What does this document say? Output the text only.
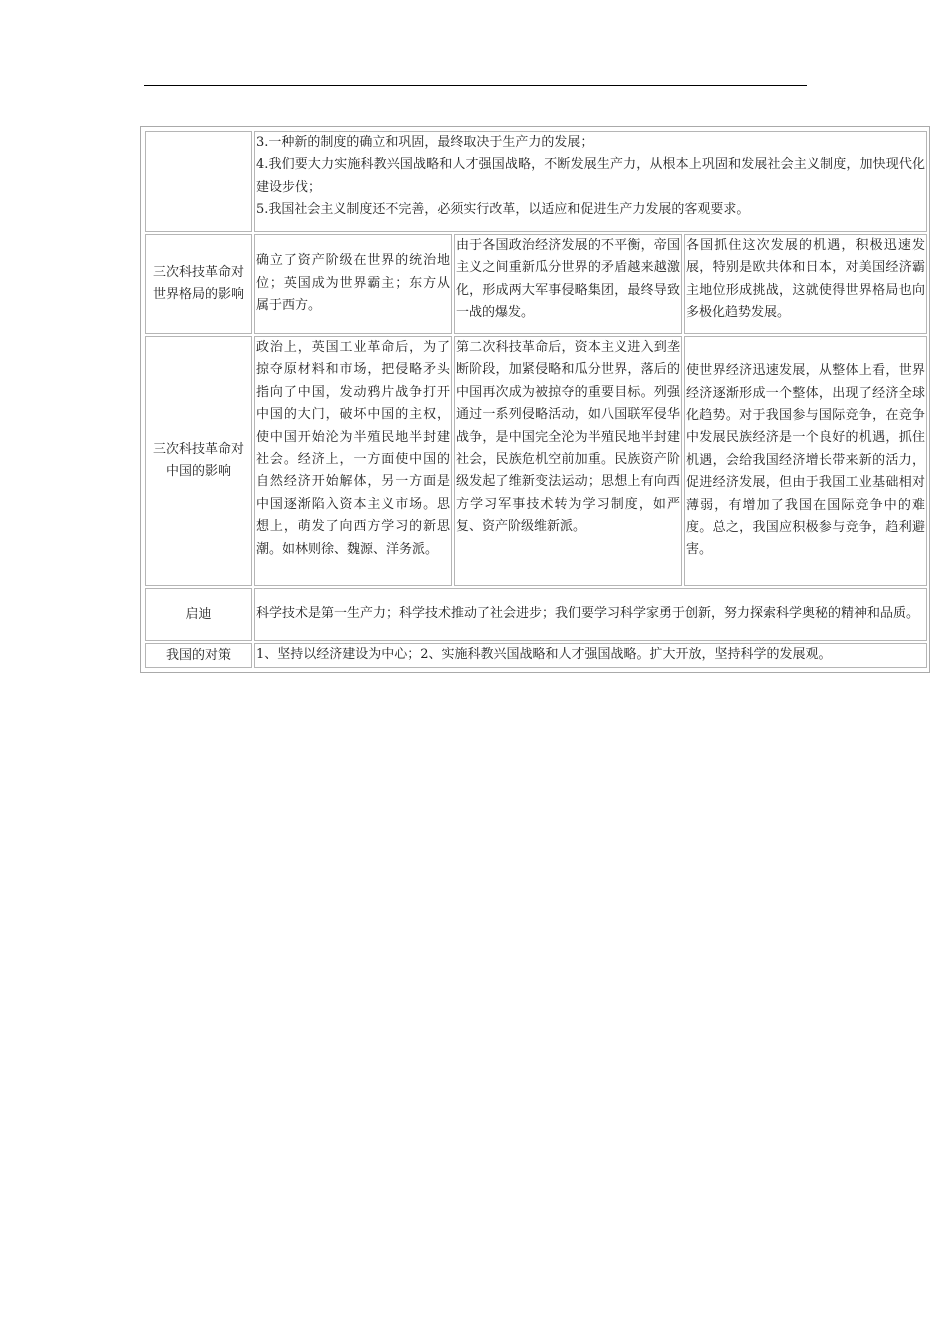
	3.一种新的制度的确立和巩固，最终取决于生产力的发展；
4.我们要大力实施科教兴国战略和人才强国战略，不断发展生产力，从根本上巩固和发展社会主义制度，加快现代化建设步伐；
5.我国社会主义制度还不完善，必须实行改革，以适应和促进生产力发展的客观要求。		

三次科技革命对世界格局的影响	确立了资产阶级在世界的统治地位；英国成为世界霸主；东方从属于西方。	由于各国政治经济发展的不平衡，帝国主义之间重新瓜分世界的矛盾越来越激化，形成两大军事侵略集团，最终导致一战的爆发。	各国抓住这次发展的机遇，积极迅速发展，特别是欧共体和日本，对美国经济霸主地位形成挑战，这就使得世界格局也向多极化趋势发展。
三次科技革命对中国的影响	政治上，英国工业革命后，为了掠夺原材料和市场，把侵略矛头指向了中国，发动鸦片战争打开中国的大门，破坏中国的主权，使中国开始沦为半殖民地半封建社会。经济上，一方面使中国的自然经济开始解体，另一方面是中国逐渐陷入资本主义市场。思想上，萌发了向西方学习的新思潮。如林则徐、魏源、洋务派。	第二次科技革命后，资本主义进入到垄断阶段，加紧侵略和瓜分世界，落后的中国再次成为被掠夺的重要目标。列强通过一系列侵略活动，如八国联军侵华战争，是中国完全沦为半殖民地半封建社会，民族危机空前加重。民族资产阶级发起了维新变法运动；思想上有向西方学习军事技术转为学习制度，如严复、资产阶级维新派。	使世界经济迅速发展，从整体上看，世界经济逐渐形成一个整体，出现了经济全球化趋势。对于我国参与国际竞争，在竞争中发展民族经济是一个良好的机遇，抓住机遇，会给我国经济增长带来新的活力，促进经济发展，但由于我国工业基础相对薄弱，有增加了我国在国际竞争中的难度。总之，我国应积极参与竞争，趋利避害。
启迪	科学技术是第一生产力；科学技术推动了社会进步；我们要学习科学家勇于创新，努力探索科学奥秘的精神和品质。		
我国的对策	1、坚持以经济建设为中心；2、实施科教兴国战略和人才强国战略。扩大开放，坚持科学的发展观。		
